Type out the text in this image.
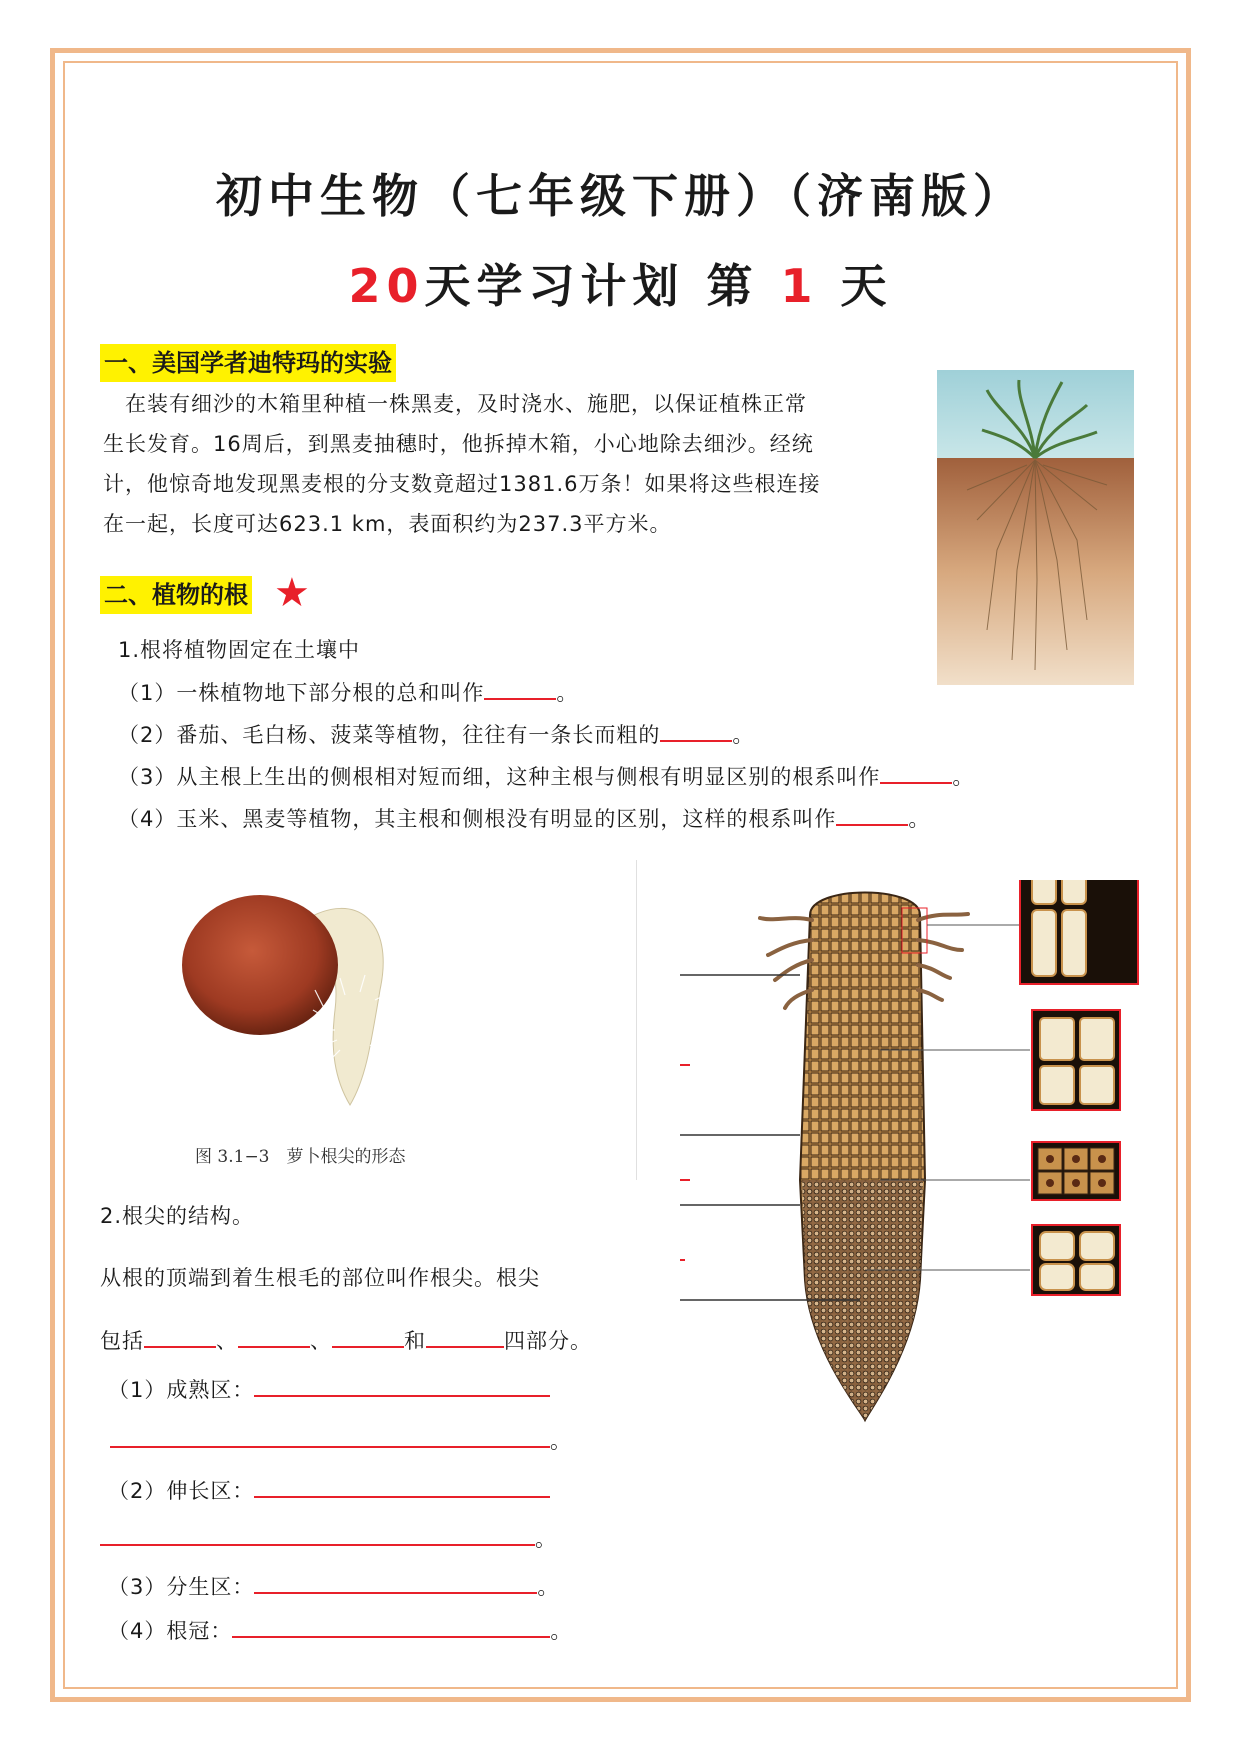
初中生物（七年级下册）（济南版）
20天学习计划 第 1 天
一、美国学者迪特玛的实验
　在装有细沙的木箱里种植一株黑麦，及时浇水、施肥，以保证植株正常
生长发育。16周后，到黑麦抽穗时，他拆掉木箱，小心地除去细沙。经统
计，他惊奇地发现黑麦根的分支数竟超过1381.6万条！如果将这些根连接
在一起，长度可达623.1 km，表面积约为237.3平方米。
二、植物的根 ★
1.根将植物固定在土壤中
（1）一株植物地下部分根的总和叫作	。
（2）番茄、毛白杨、菠菜等植物，往往有一条长而粗的	。
（3）从主根上生出的侧根相对短而细，这种主根与侧根有明显区别的根系叫作	。
（4）玉米、黑麦等植物，其主根和侧根没有明显的区别，这样的根系叫作	。
图 3.1−3　萝卜根尖的形态
2.根尖的结构。
从根的顶端到着生根毛的部位叫作根尖。根尖
包括	、	、	和	四部分。
（1）成熟区：
。
（2）伸长区：
。
（3）分生区：	。
（4）根冠：	。
